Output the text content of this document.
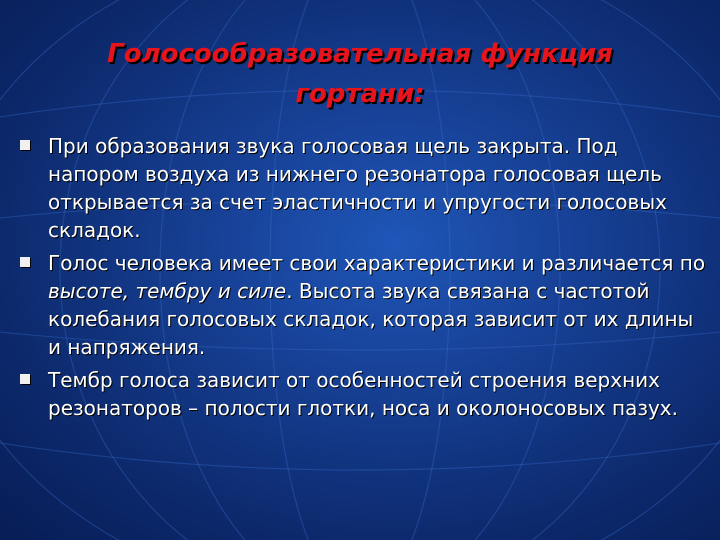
Голосообразовательная функция
гортани:
При образования звука голосовая щель закрыта. Под напором воздуха из нижнего резонатора голосовая щель открывается за счет эластичности и упругости голосовых складок.
Голос человека имеет свои характеристики и различается по высоте, тембру и силе. Высота звука связана с частотой колебания голосовых складок, которая зависит от их длины и напряжения.
Тембр голоса зависит от особенностей строения верхних резонаторов – полости глотки, носа и околоносовых пазух.
